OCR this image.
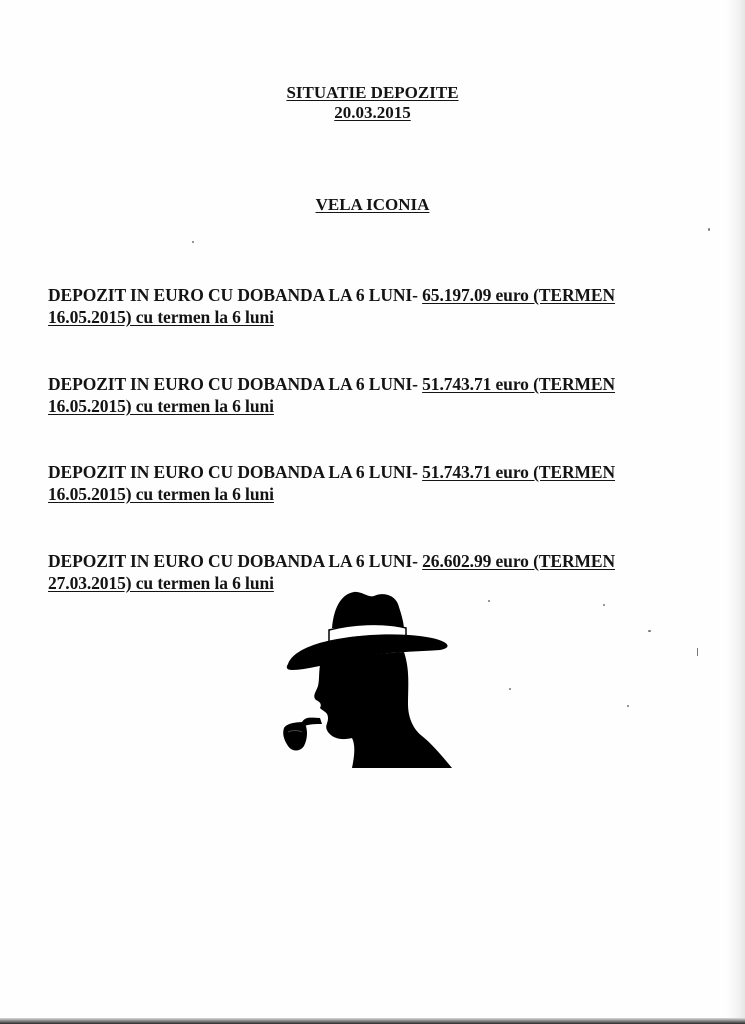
SITUATIE DEPOZITE
20.03.2015
VELA ICONIA
DEPOZIT IN EURO CU DOBANDA LA 6 LUNI- 65.197.09 euro (TERMEN
16.05.2015) cu termen la 6 luni
DEPOZIT IN EURO CU DOBANDA LA 6 LUNI- 51.743.71 euro (TERMEN
16.05.2015) cu termen la 6 luni
DEPOZIT IN EURO CU DOBANDA LA 6 LUNI- 51.743.71 euro (TERMEN
16.05.2015) cu termen la 6 luni
DEPOZIT IN EURO CU DOBANDA LA 6 LUNI- 26.602.99 euro (TERMEN
27.03.2015) cu termen la 6 luni
